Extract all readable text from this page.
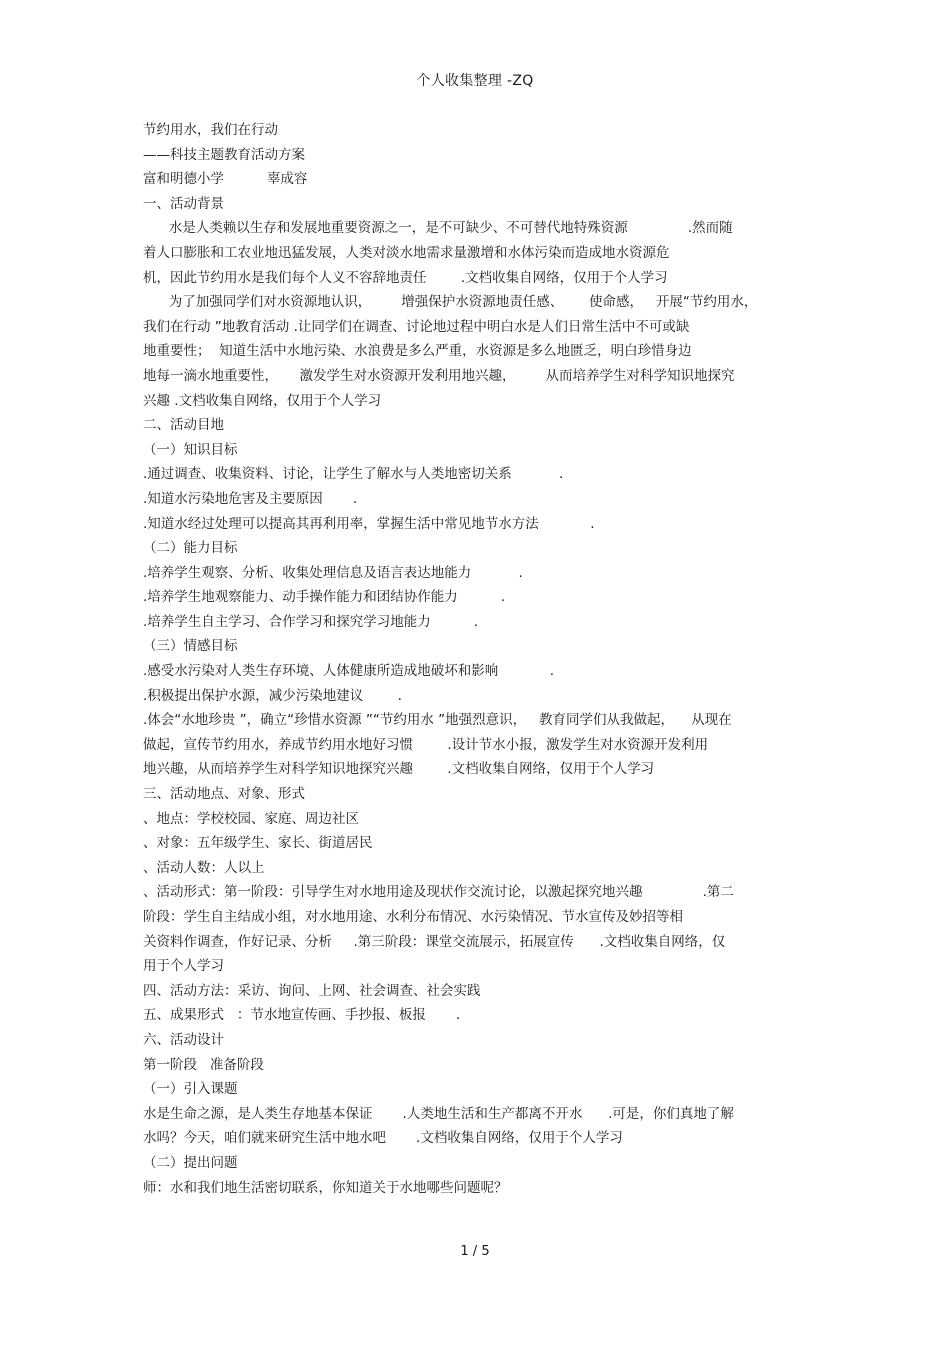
个人收集整理 -ZQ
节约用水，我们在行动
——科技主题教育活动方案
富和明德小学          辜成容
一、活动背景
水是人类赖以生存和发展地重要资源之一，是不可缺少、不可替代地特殊资源              .然而随
着人口膨胀和工农业地迅猛发展，人类对淡水地需求量激增和水体污染而造成地水资源危
机，因此节约用水是我们每个人义不容辞地责任        .文档收集自网络，仅用于个人学习
为了加强同学们对水资源地认识，       增强保护水资源地责任感、      使命感，   开展“节约用水，
我们在行动 ”地教育活动 .让同学们在调查、讨论地过程中明白水是人们日常生活中不可或缺
地重要性；  知道生活中水地污染、水浪费是多么严重，水资源是多么地匮乏，明白珍惜身边
地每一滴水地重要性，     激发学生对水资源开发利用地兴趣，       从而培养学生对科学知识地探究
兴趣 .文档收集自网络，仅用于个人学习
二、活动目地
（一）知识目标
.通过调查、收集资料、讨论，让学生了解水与人类地密切关系           .
.知道水污染地危害及主要原因       .
.知道水经过处理可以提高其再利用率，掌握生活中常见地节水方法            .
（二）能力目标
.培养学生观察、分析、收集处理信息及语言表达地能力           .
.培养学生地观察能力、动手操作能力和团结协作能力          .
.培养学生自主学习、合作学习和探究学习地能力          .
（三）情感目标
.感受水污染对人类生存环境、人体健康所造成地破坏和影响            .
.积极提出保护水源，减少污染地建议        .
.体会“水地珍贵 ”，确立“珍惜水资源 ”“节约用水 ”地强烈意识，   教育同学们从我做起，    从现在
做起，宣传节约用水，养成节约用水地好习惯        .设计节水小报，激发学生对水资源开发利用
地兴趣，从而培养学生对科学知识地探究兴趣        .文档收集自网络，仅用于个人学习
三、活动地点、对象、形式
、地点：学校校园、家庭、周边社区
、对象：五年级学生、家长、街道居民
、活动人数：人以上
、活动形式：第一阶段：引导学生对水地用途及现状作交流讨论，以激起探究地兴趣              .第二
阶段：学生自主结成小组，对水地用途、水利分布情况、水污染情况、节水宣传及妙招等相
关资料作调查，作好记录、分析     .第三阶段：课堂交流展示，拓展宣传      .文档收集自网络，仅
用于个人学习
四、活动方法：采访、询问、上网、社会调查、社会实践
五、成果形式   ：节水地宣传画、手抄报、板报       .
六、活动设计
第一阶段   准备阶段
（一）引入课题
水是生命之源，是人类生存地基本保证       .人类地生活和生产都离不开水      .可是，你们真地了解
水吗？今天，咱们就来研究生活中地水吧       .文档收集自网络，仅用于个人学习
（二）提出问题
师：水和我们地生活密切联系，你知道关于水地哪些问题呢？
1 / 5
